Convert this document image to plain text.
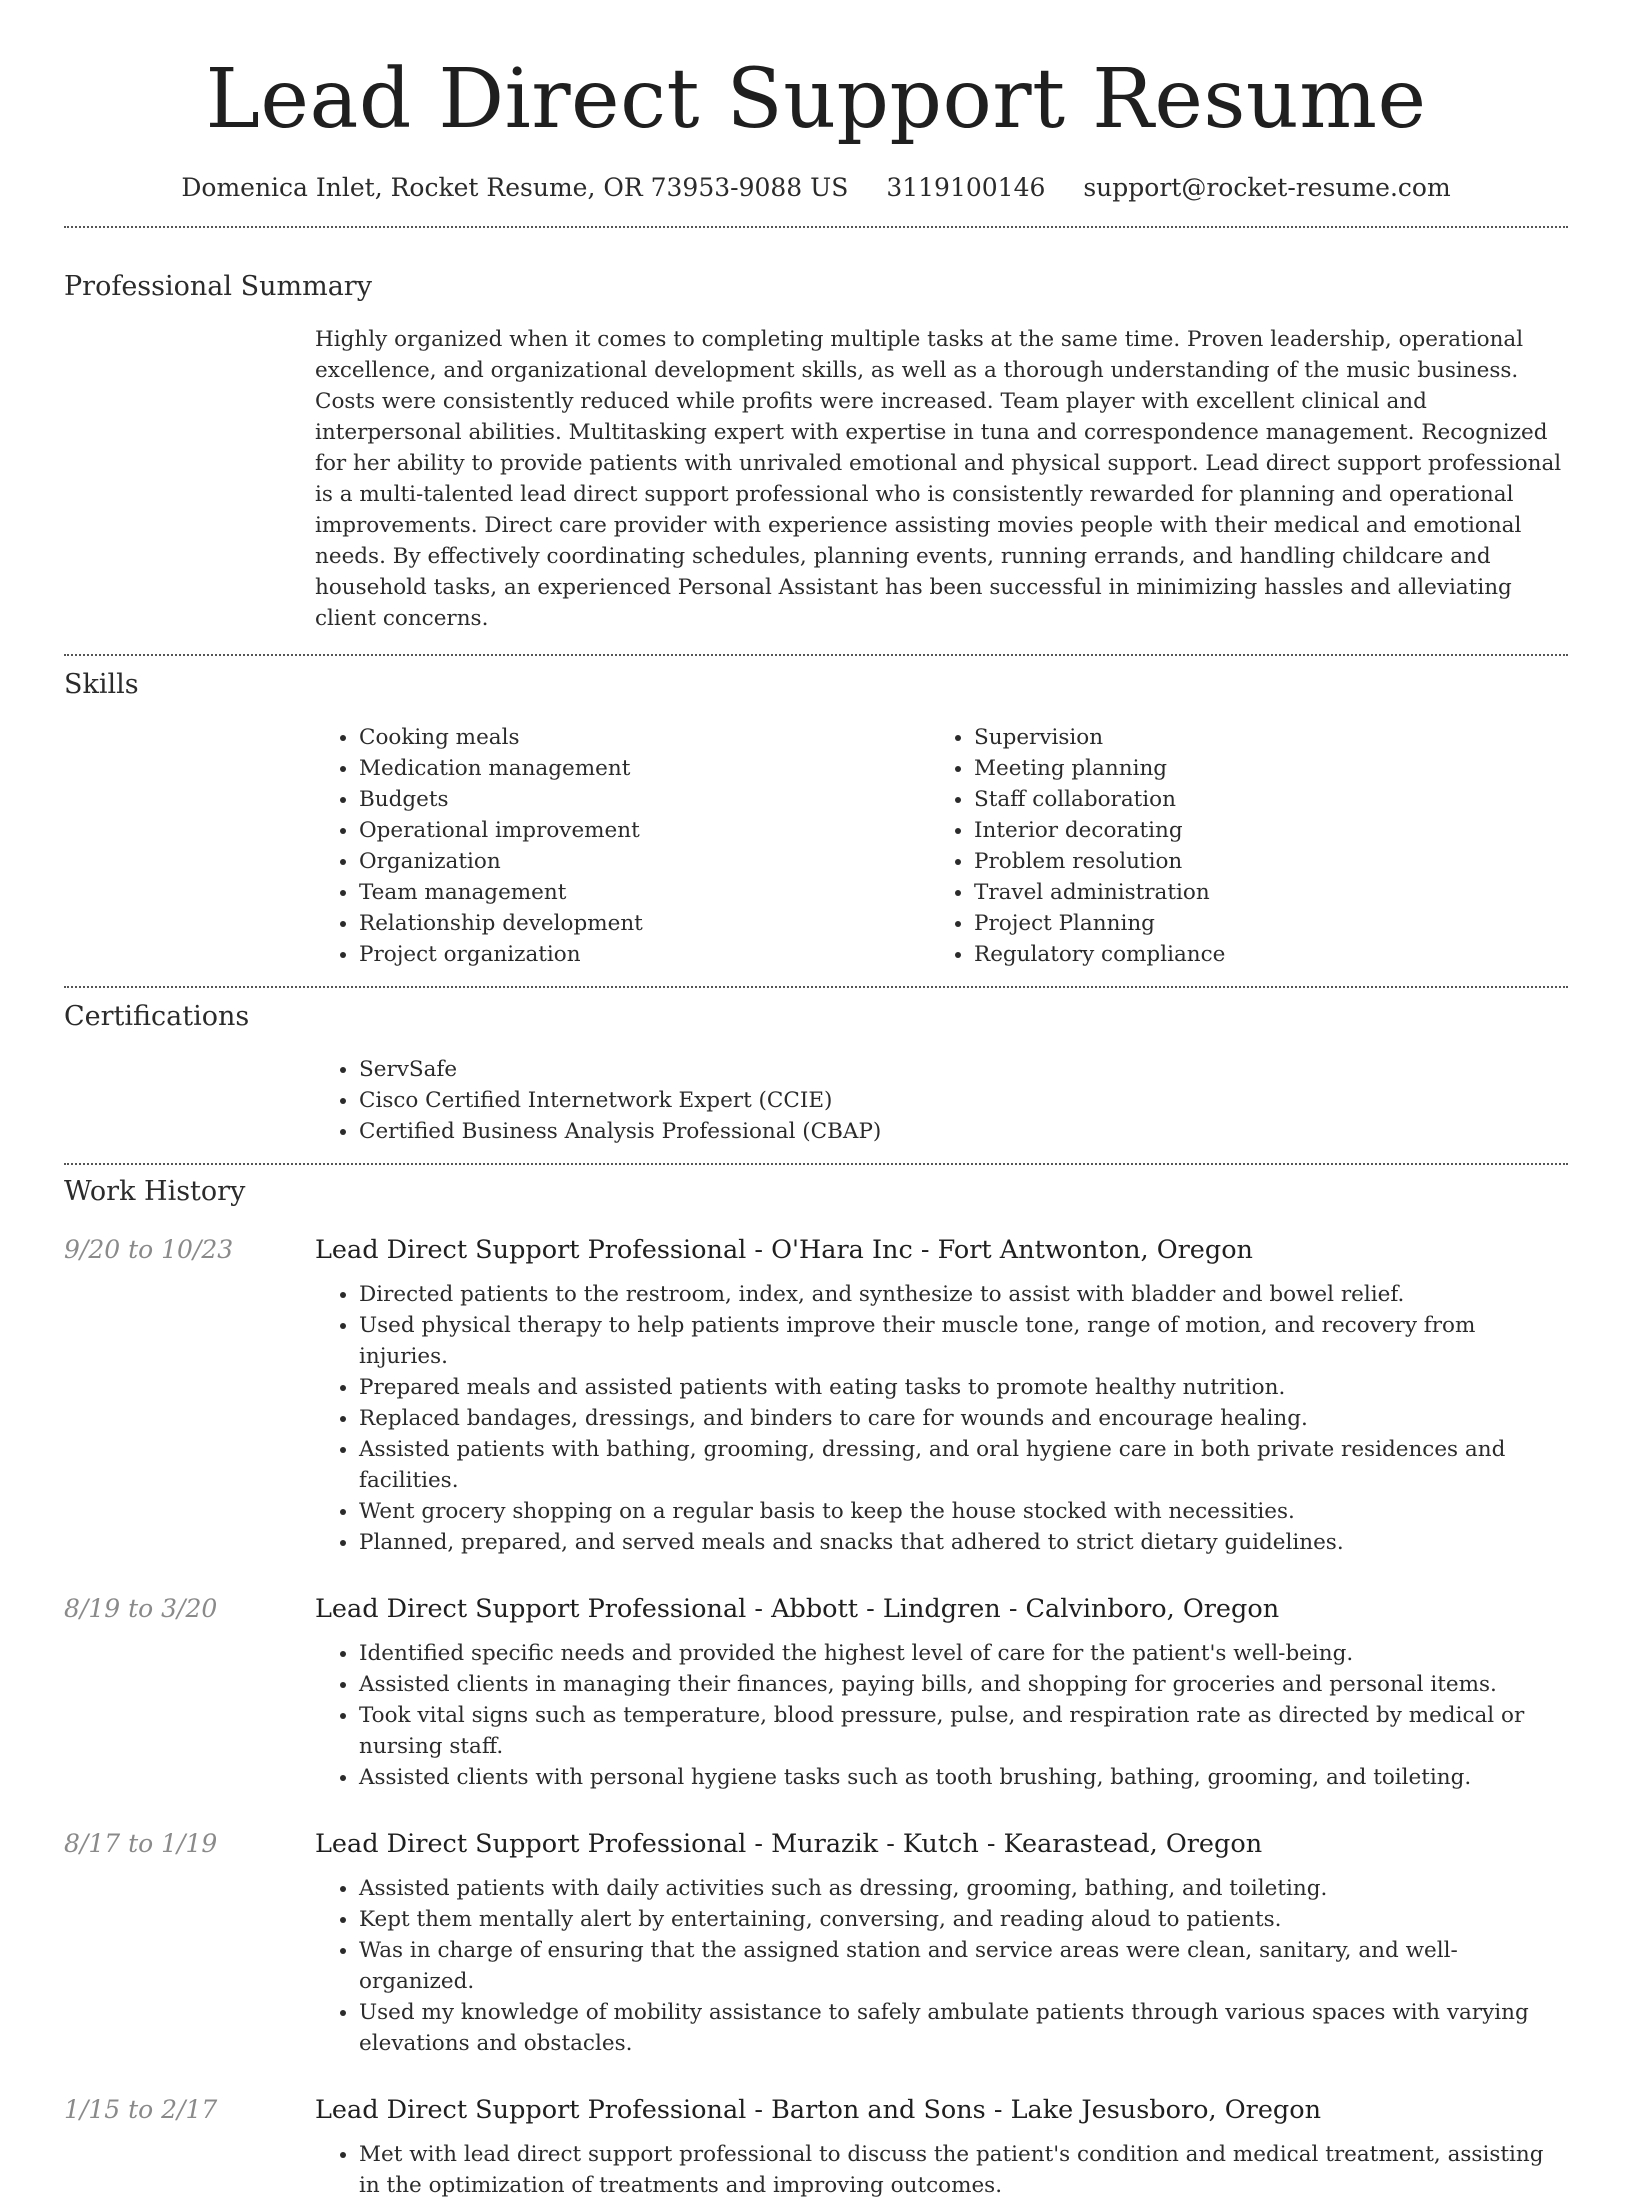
Lead Direct Support Resume
Domenica Inlet, Rocket Resume, OR 73953-9088 US 3119100146 support@rocket-resume.com
Professional Summary

Highly organized when it comes to completing multiple tasks at the same time. Proven leadership, operational excellence, and organizational development skills, as well as a thorough understanding of the music business. Costs were consistently reduced while profits were increased. Team player with excellent clinical and interpersonal abilities. Multitasking expert with expertise in tuna and correspondence management. Recognized for her ability to provide patients with unrivaled emotional and physical support. Lead direct support professional is a multi-talented lead direct support professional who is consistently rewarded for planning and operational improvements. Direct care provider with experience assisting movies people with their medical and emotional needs. By effectively coordinating schedules, planning events, running errands, and handling childcare and household tasks, an experienced Personal Assistant has been successful in minimizing hassles and alleviating client concerns.

Skills
• Cooking meals
• Medication management
• Budgets
• Operational improvement
• Organization
• Team management
• Relationship development
• Project organization
• Supervision
• Meeting planning
• Staff collaboration
• Interior decorating
• Problem resolution
• Travel administration
• Project Planning
• Regulatory compliance
Certifications
• ServSafe
• Cisco Certified Internetwork Expert (CCIE)
• Certified Business Analysis Professional (CBAP)
Work History
9/20 to 10/23	Lead Direct Support Professional - O'Hara Inc - Fort Antwonton, Oregon
• Directed patients to the restroom, index, and synthesize to assist with bladder and bowel relief.
• Used physical therapy to help patients improve their muscle tone, range of motion, and recovery from injuries.
• Prepared meals and assisted patients with eating tasks to promote healthy nutrition.
• Replaced bandages, dressings, and binders to care for wounds and encourage healing.
• Assisted patients with bathing, grooming, dressing, and oral hygiene care in both private residences and facilities.
• Went grocery shopping on a regular basis to keep the house stocked with necessities.
• Planned, prepared, and served meals and snacks that adhered to strict dietary guidelines.
8/19 to 3/20	Lead Direct Support Professional - Abbott - Lindgren - Calvinboro, Oregon
• Identified specific needs and provided the highest level of care for the patient's well-being.
• Assisted clients in managing their finances, paying bills, and shopping for groceries and personal items.
• Took vital signs such as temperature, blood pressure, pulse, and respiration rate as directed by medical or nursing staff.
• Assisted clients with personal hygiene tasks such as tooth brushing, bathing, grooming, and toileting.
8/17 to 1/19	Lead Direct Support Professional - Murazik - Kutch - Kearastead, Oregon
• Assisted patients with daily activities such as dressing, grooming, bathing, and toileting.
• Kept them mentally alert by entertaining, conversing, and reading aloud to patients.
• Was in charge of ensuring that the assigned station and service areas were clean, sanitary, and well-organized.
• Used my knowledge of mobility assistance to safely ambulate patients through various spaces with varying elevations and obstacles.
1/15 to 2/17	Lead Direct Support Professional - Barton and Sons - Lake Jesusboro, Oregon
• Met with lead direct support professional to discuss the patient's condition and medical treatment, assisting in the optimization of treatments and improving outcomes.
